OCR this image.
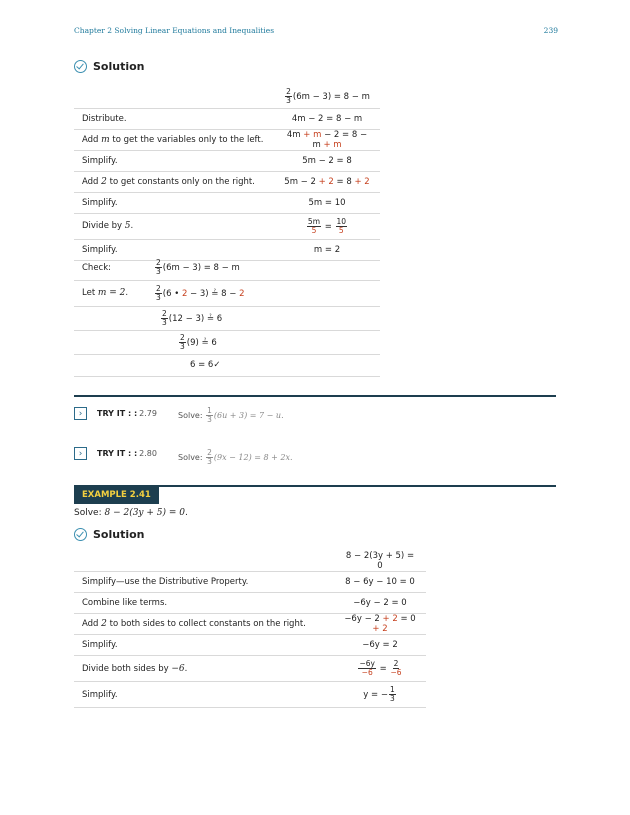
Chapter 2 Solving Linear Equations and Inequalities	239
Solution

	$\frac{2}{3} (6m - 3) = 8 - m$
Distribute.	4m − 2 = 8 − m
Add m to get the variables only to the left.	4m + m − 2 = 8 − m + m
Simplify.	5m − 2 = 8
Add 2 to get constants only on the right.	5m − 2 + 2 = 8 + 2
Simplify.	5m = 10
Divide by 5.	$\frac{5m}{5} = \frac{10}{5}$

Simplify.	m = 2
Check:	$\frac{2}{3} (6m - 3) = 8 - m$
Let m = 2.	$\frac{2}{3} (6$ • 2 − 3) ≟ 8 − 2

	$\frac{2}{3} (12 - 3)$ ≟ 6

	$\frac{2}{3} (9)$ ≟ 6
	6 = 6✓
›	TRY IT : : 2.79	Solve: $\frac{1}{3} (6u + 3) = 7 - u$.
›	TRY IT : : 2.80	Solve: $\frac{2}{3} (9x - 12) = 8 + 2x$.
EXAMPLE 2.41
Solve: 8 − 2(3y + 5) = 0.
Solution
	8 − 2(3y + 5) = 0
Simplify—use the Distributive Property.	8 − 6y − 10 = 0
Combine like terms.	−6y − 2 = 0
Add 2 to both sides to collect constants on the right.	−6y − 2 + 2 = 0 + 2
Simplify.	−6y = 2
Divide both sides by −6.	$\frac{-6y}{-6} = \frac{2}{-6}$

Simplify.	y = − $\frac{1}{3}$
